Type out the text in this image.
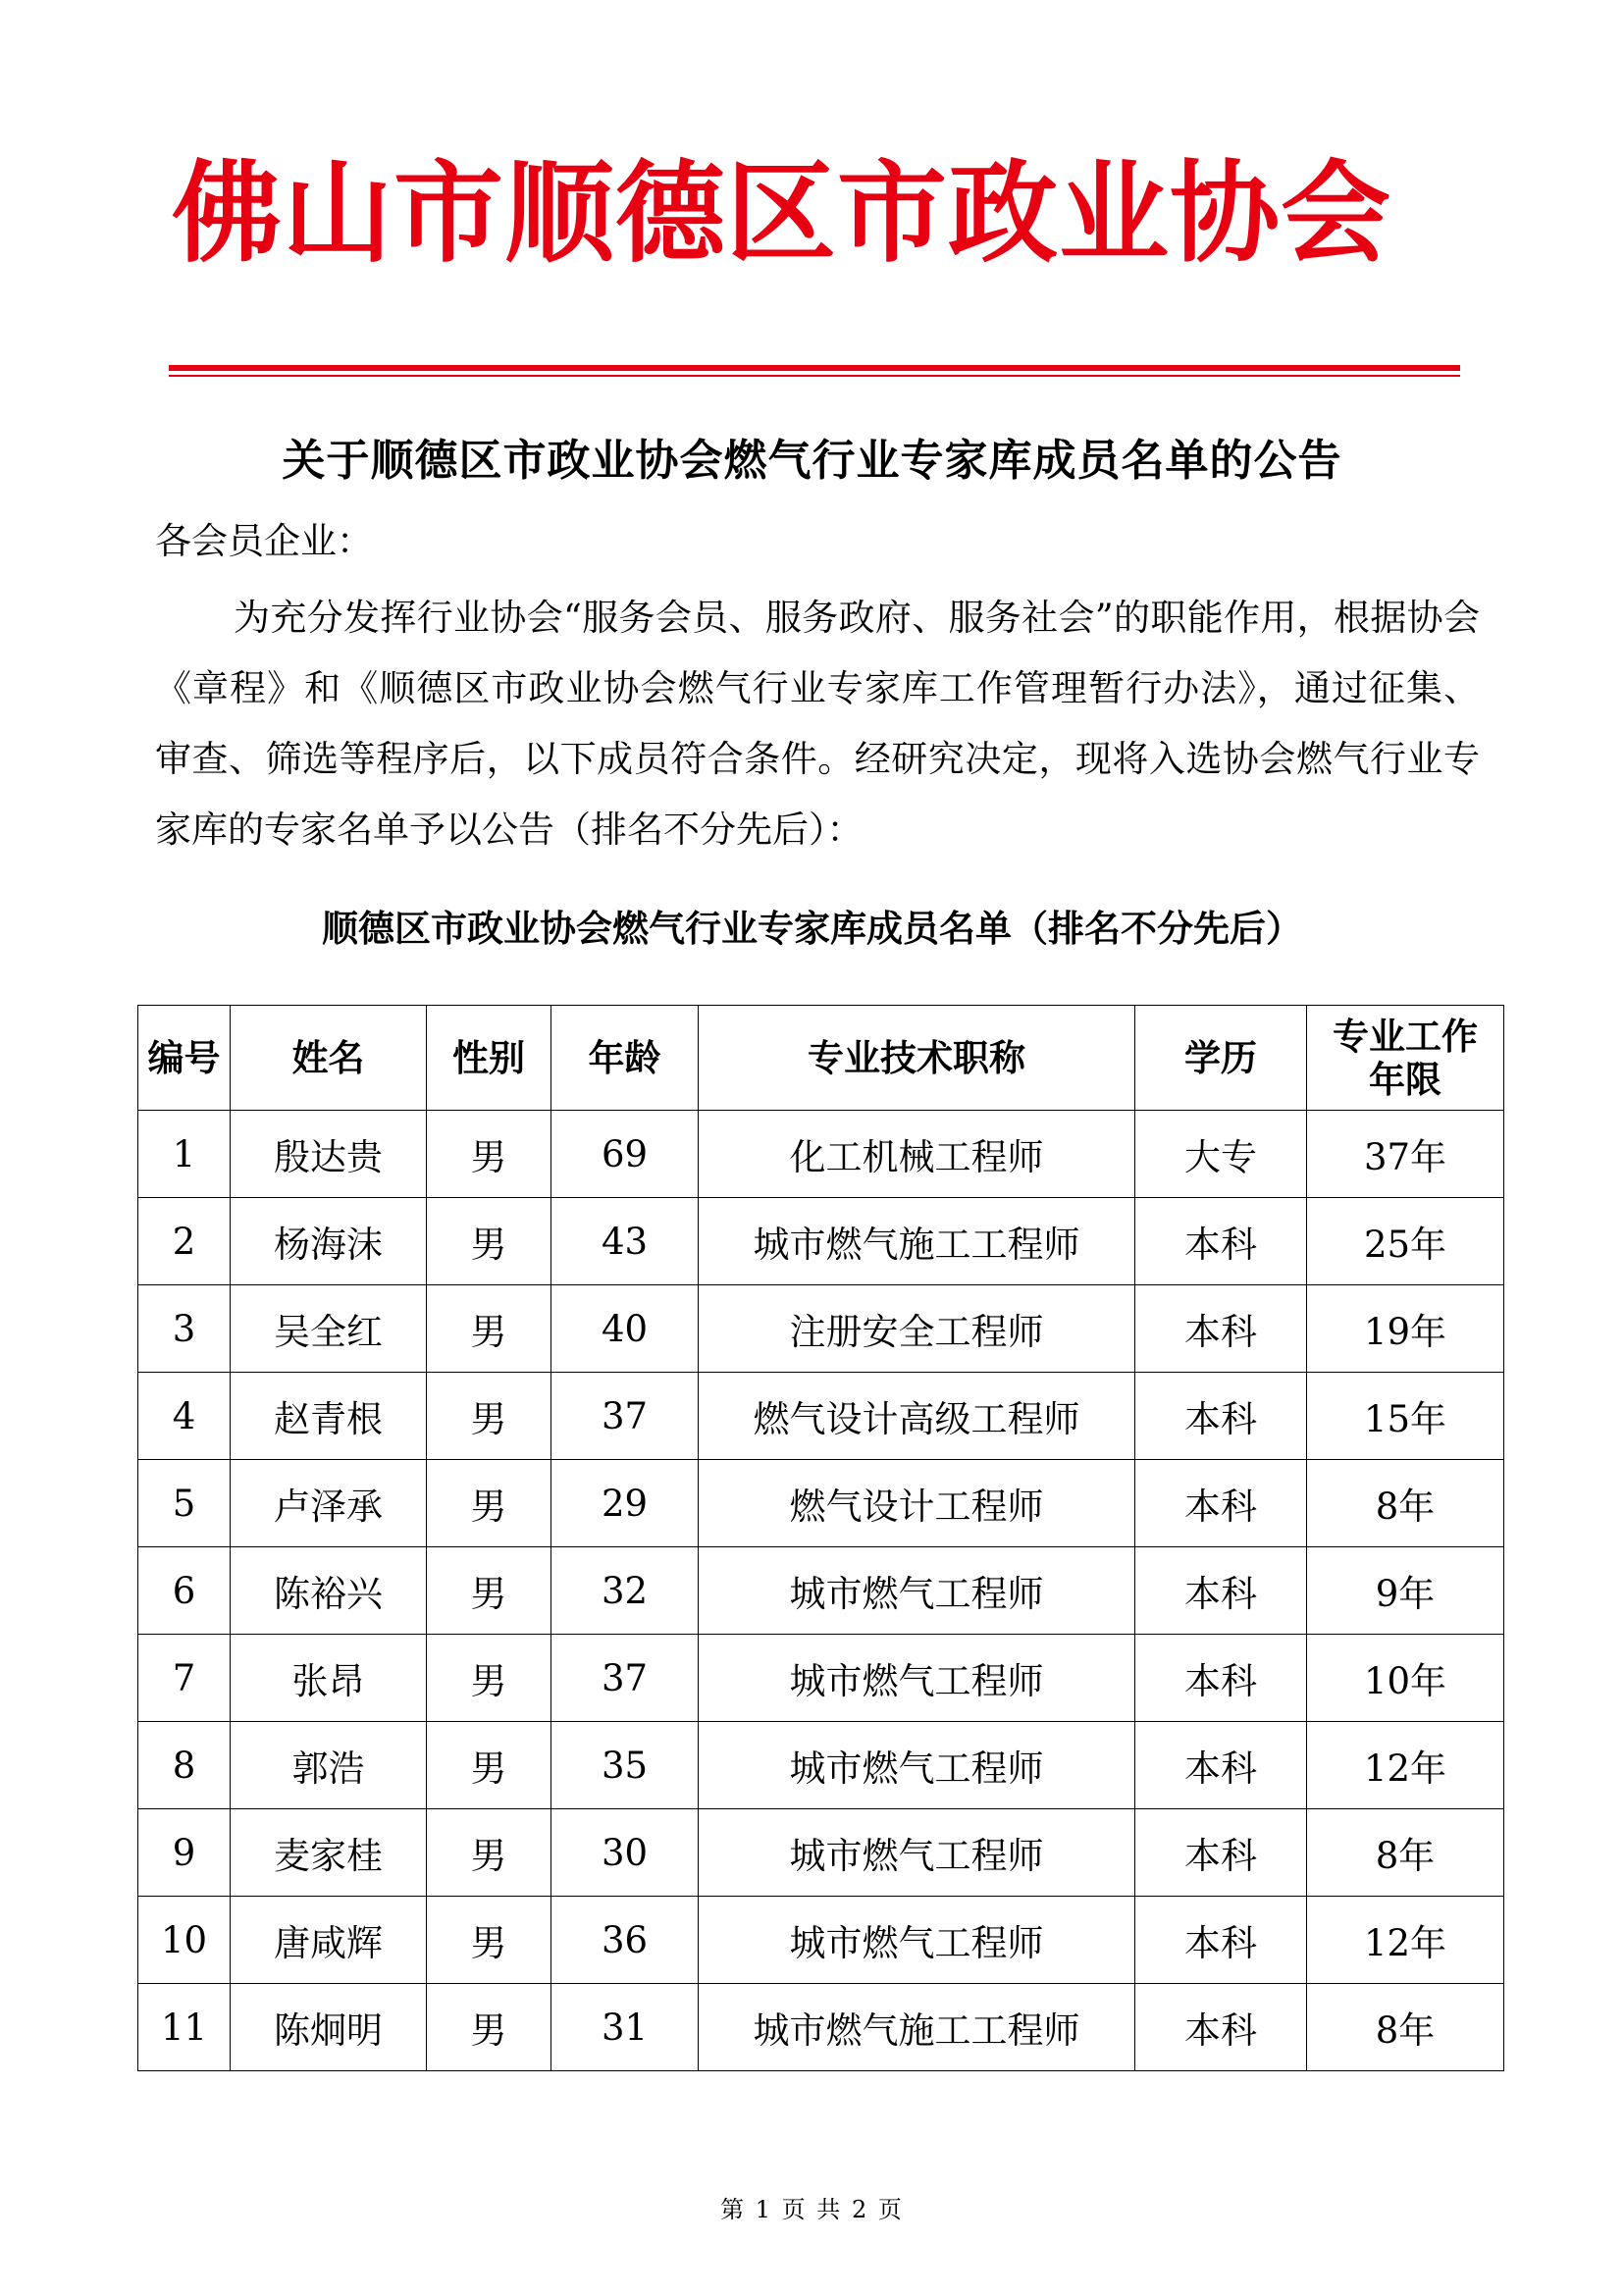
佛山市顺德区市政业协会
关于顺德区市政业协会燃气行业专家库成员名单的公告
各会员企业：
为充分发挥行业协会“服务会员、服务政府、服务社会”的职能作用，根据协会《章程》和《顺德区市政业协会燃气行业专家库工作管理暂行办法》，通过征集、审查、筛选等程序后，以下成员符合条件。经研究决定，现将入选协会燃气行业专家库的专家名单予以公告（排名不分先后）：
顺德区市政业协会燃气行业专家库成员名单（排名不分先后）
编号	姓名	性别	年龄	专业技术职称	学历	专业工作
年限
1	殷达贵	男	69	化工机械工程师	大专	37年
2	杨海沫	男	43	城市燃气施工工程师	本科	25年
3	吴全红	男	40	注册安全工程师	本科	19年
4	赵青根	男	37	燃气设计高级工程师	本科	15年
5	卢泽承	男	29	燃气设计工程师	本科	8年
6	陈裕兴	男	32	城市燃气工程师	本科	9年
7	张昂	男	37	城市燃气工程师	本科	10年
8	郭浩	男	35	城市燃气工程师	本科	12年
9	麦家桂	男	30	城市燃气工程师	本科	8年
10	唐咸辉	男	36	城市燃气工程师	本科	12年
11	陈炯明	男	31	城市燃气施工工程师	本科	8年
第 1 页 共 2 页
